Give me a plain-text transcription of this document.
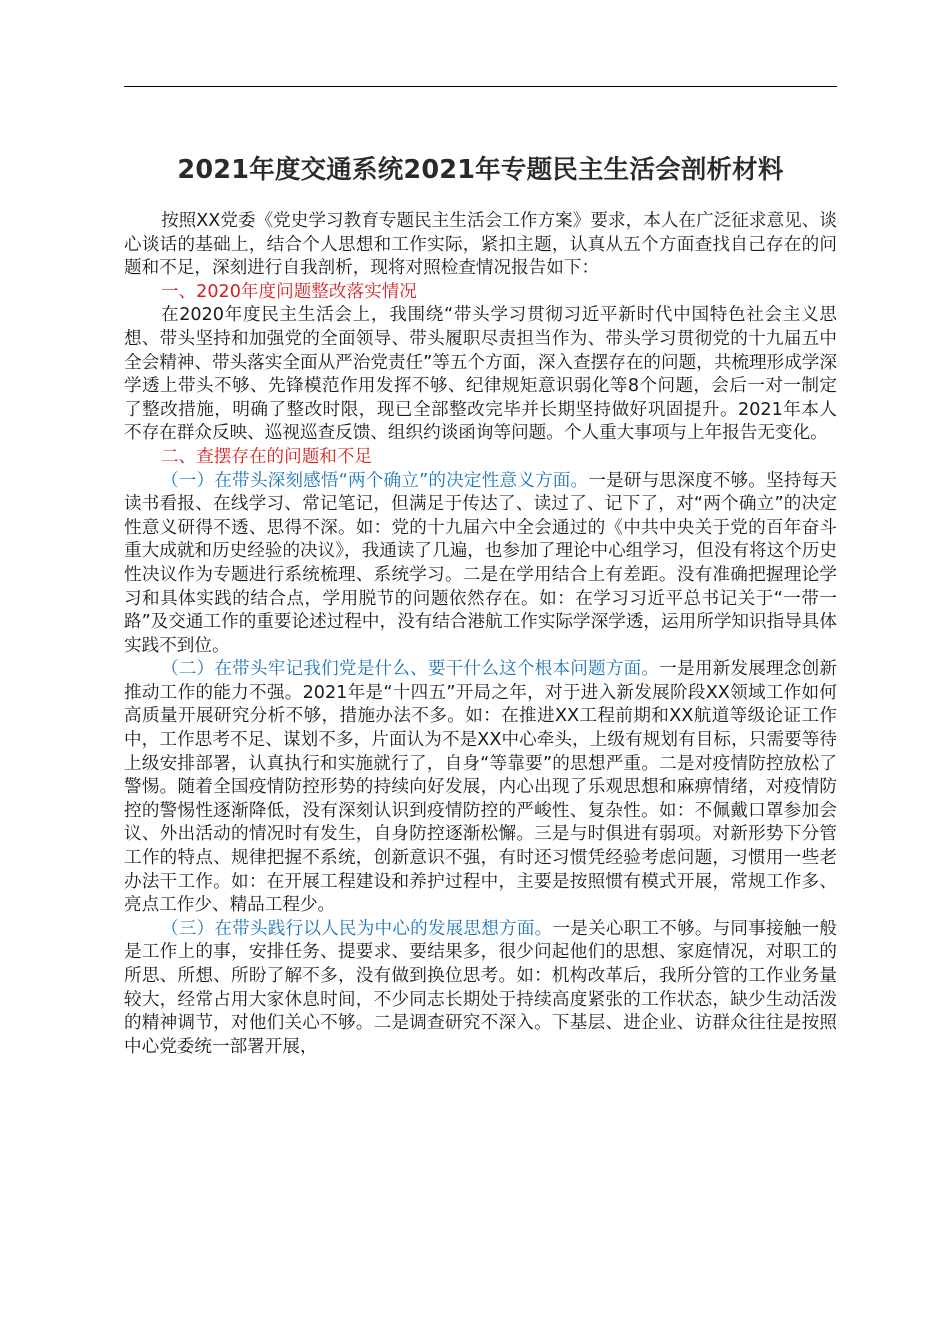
2021年度交通系统2021年专题民主生活会剖析材料

按照XX党委《党史学习教育专题民主生活会工作方案》要求，本人在广泛征求意见、谈心谈话的基础上，结合个人思想和工作实际，紧扣主题，认真从五个方面查找自己存在的问题和不足，深刻进行自我剖析，现将对照检查情况报告如下：

一、2020年度问题整改落实情况

在2020年度民主生活会上，我围绕“带头学习贯彻习近平新时代中国特色社会主义思想、带头坚持和加强党的全面领导、带头履职尽责担当作为、带头学习贯彻党的十九届五中全会精神、带头落实全面从严治党责任”等五个方面，深入查摆存在的问题，共梳理形成学深学透上带头不够、先锋模范作用发挥不够、纪律规矩意识弱化等8个问题，会后一对一制定了整改措施，明确了整改时限，现已全部整改完毕并长期坚持做好巩固提升。2021年本人不存在群众反映、巡视巡查反馈、组织约谈函询等问题。个人重大事项与上年报告无变化。

二、查摆存在的问题和不足

（一）在带头深刻感悟“两个确立”的决定性意义方面。一是研与思深度不够。坚持每天读书看报、在线学习、常记笔记，但满足于传达了、读过了、记下了，对“两个确立”的决定性意义研得不透、思得不深。如：党的十九届六中全会通过的《中共中央关于党的百年奋斗重大成就和历史经验的决议》，我通读了几遍，也参加了理论中心组学习，但没有将这个历史性决议作为专题进行系统梳理、系统学习。二是在学用结合上有差距。没有准确把握理论学习和具体实践的结合点，学用脱节的问题依然存在。如：在学习习近平总书记关于“一带一路”及交通工作的重要论述过程中，没有结合港航工作实际学深学透，运用所学知识指导具体实践不到位。

（二）在带头牢记我们党是什么、要干什么这个根本问题方面。一是用新发展理念创新推动工作的能力不强。2021年是“十四五”开局之年，对于进入新发展阶段XX领域工作如何高质量开展研究分析不够，措施办法不多。如：在推进XX工程前期和XX航道等级论证工作中，工作思考不足、谋划不多，片面认为不是XX中心牵头，上级有规划有目标，只需要等待上级安排部署，认真执行和实施就行了，自身“等靠要”的思想严重。二是对疫情防控放松了警惕。随着全国疫情防控形势的持续向好发展，内心出现了乐观思想和麻痹情绪，对疫情防控的警惕性逐渐降低，没有深刻认识到疫情防控的严峻性、复杂性。如：不佩戴口罩参加会议、外出活动的情况时有发生，自身防控逐渐松懈。三是与时俱进有弱项。对新形势下分管工作的特点、规律把握不系统，创新意识不强，有时还习惯凭经验考虑问题，习惯用一些老办法干工作。如：在开展工程建设和养护过程中，主要是按照惯有模式开展，常规工作多、亮点工作少、精品工程少。

（三）在带头践行以人民为中心的发展思想方面。一是关心职工不够。与同事接触一般是工作上的事，安排任务、提要求、要结果多，很少问起他们的思想、家庭情况，对职工的所思、所想、所盼了解不多，没有做到换位思考。如：机构改革后，我所分管的工作业务量较大，经常占用大家休息时间，不少同志长期处于持续高度紧张的工作状态，缺少生动活泼的精神调节，对他们关心不够。二是调查研究不深入。下基层、进企业、访群众往往是按照中心党委统一部署开展，
